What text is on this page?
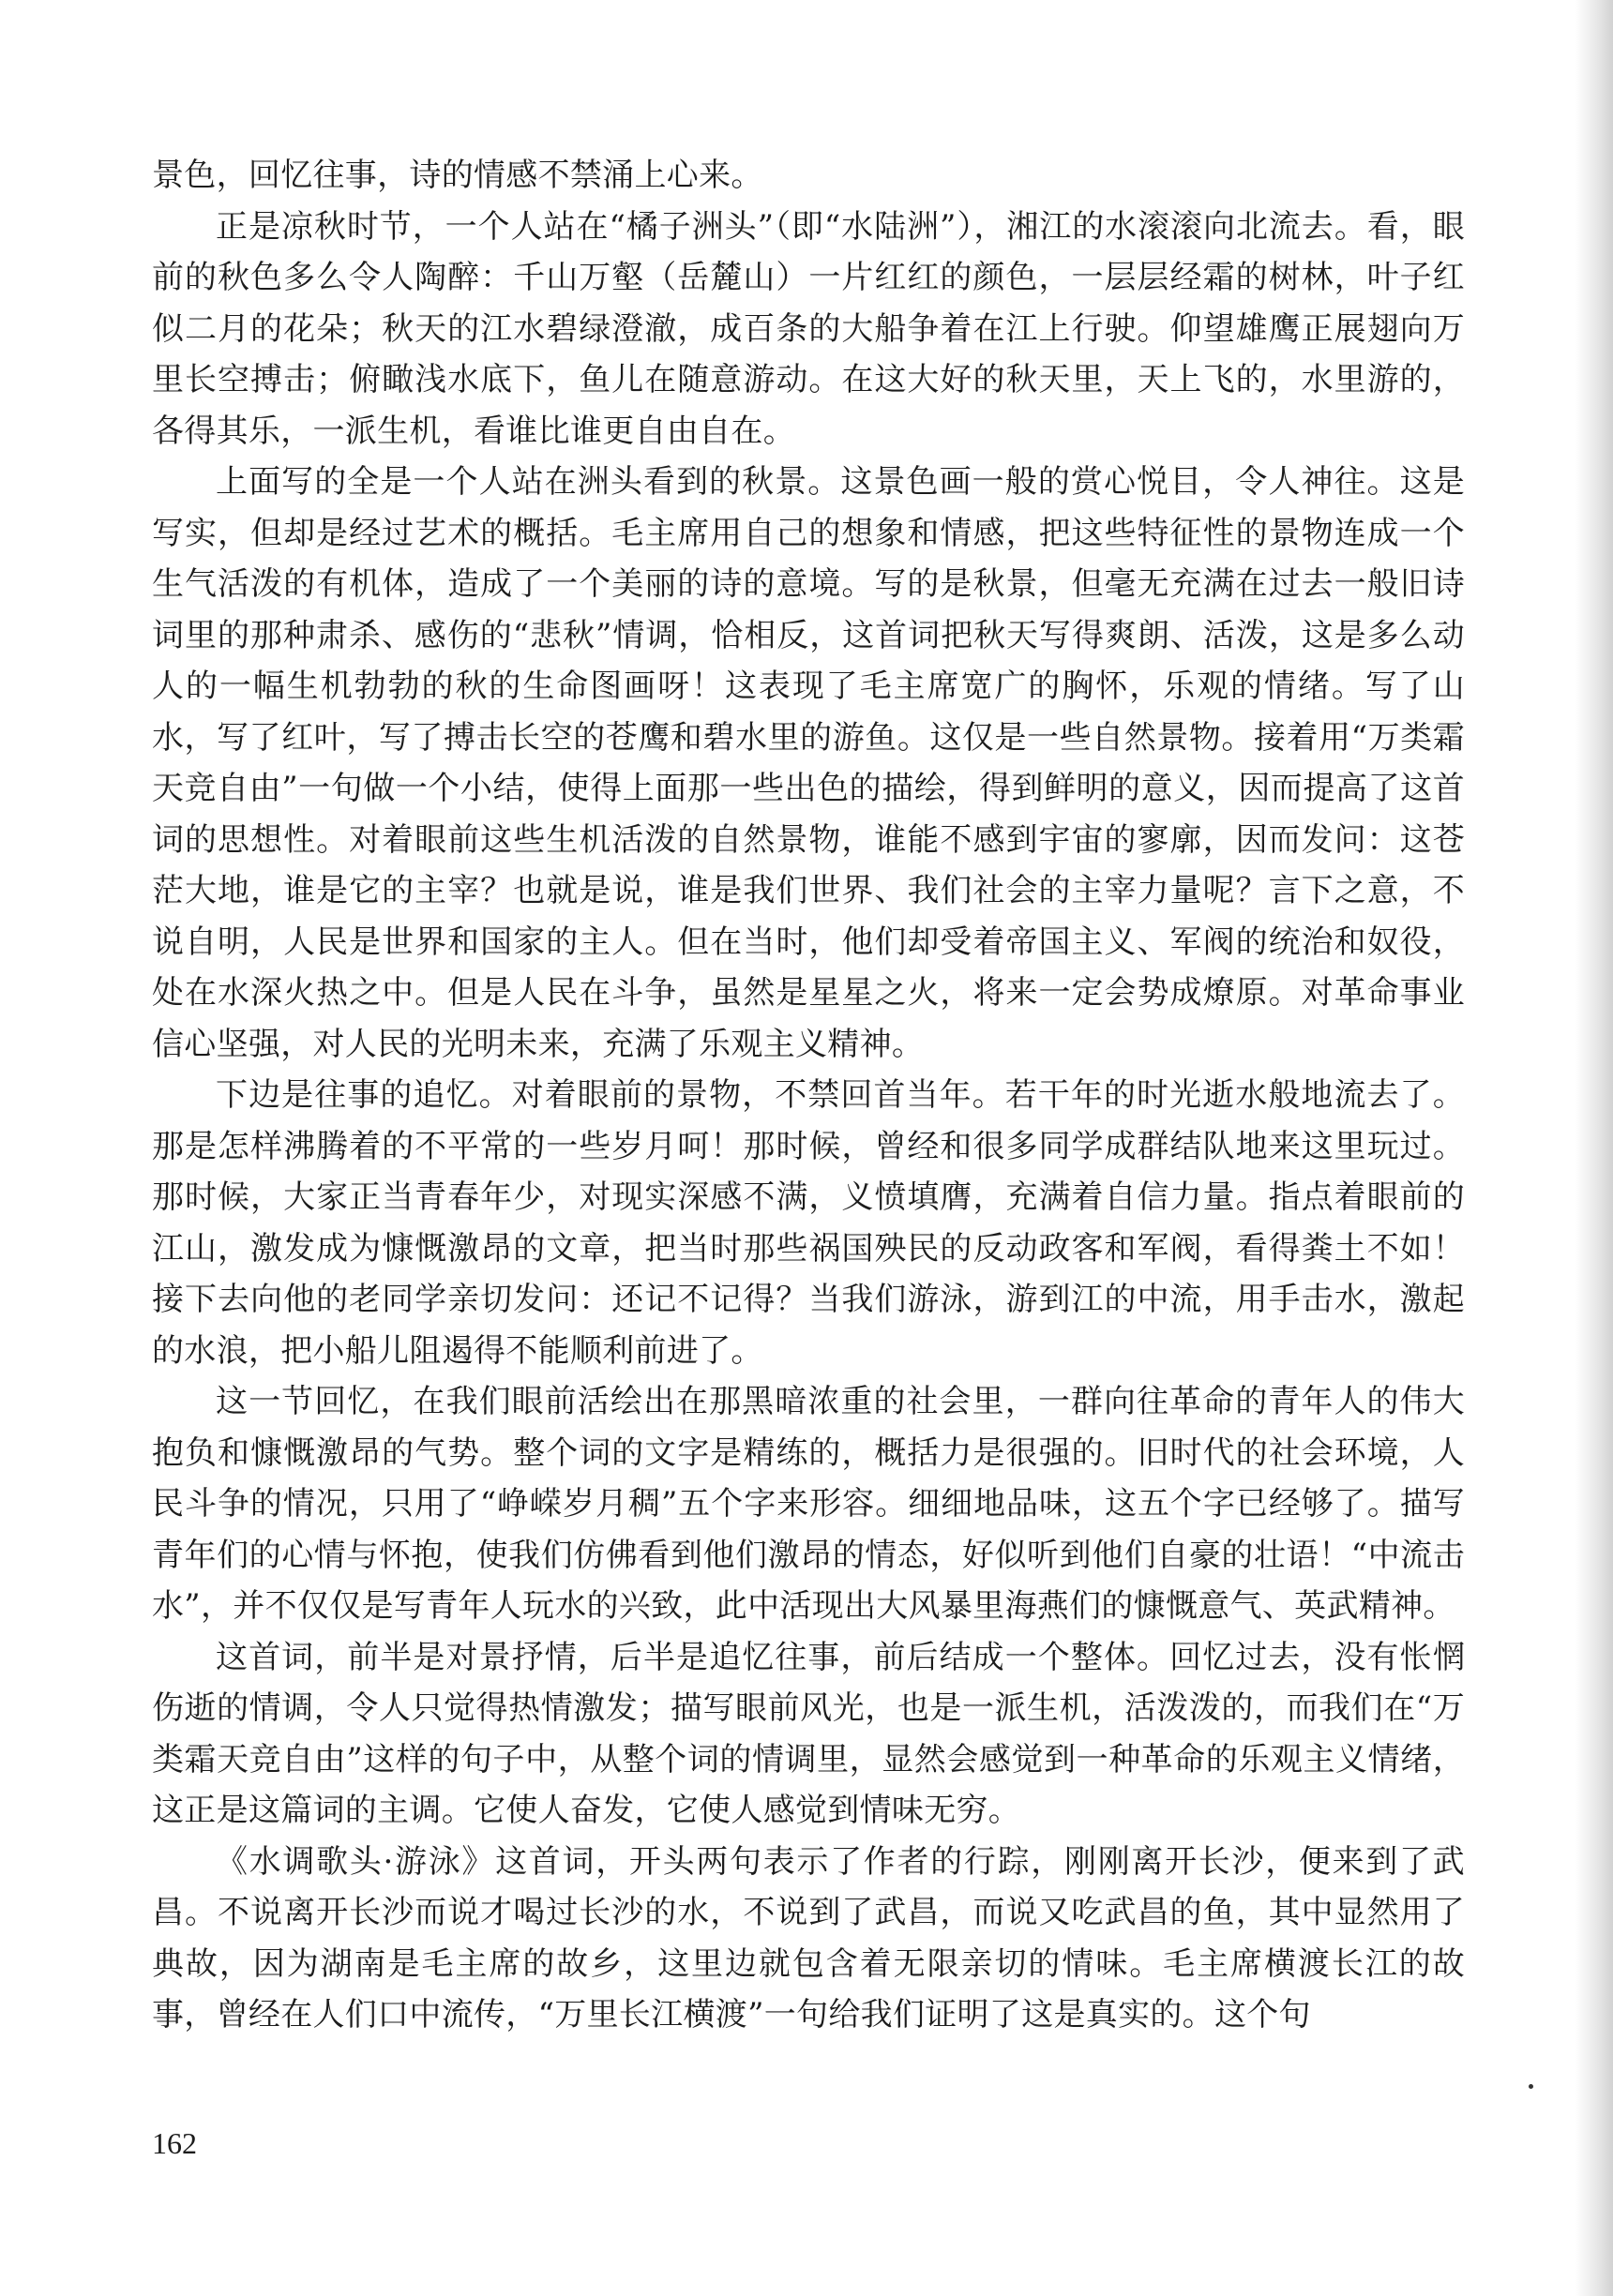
景色，回忆往事，诗的情感不禁涌上心来。

正是凉秋时节，一个人站在“橘子洲头”（即“水陆洲”），湘江的水滚滚向北流去。看，眼前的秋色多么令人陶醉：千山万壑（岳麓山）一片红红的颜色，一层层经霜的树林，叶子红似二月的花朵；秋天的江水碧绿澄澈，成百条的大船争着在江上行驶。仰望雄鹰正展翅向万里长空搏击；俯瞰浅水底下，鱼儿在随意游动。在这大好的秋天里，天上飞的，水里游的，各得其乐，一派生机，看谁比谁更自由自在。

上面写的全是一个人站在洲头看到的秋景。这景色画一般的赏心悦目，令人神往。这是写实，但却是经过艺术的概括。毛主席用自己的想象和情感，把这些特征性的景物连成一个生气活泼的有机体，造成了一个美丽的诗的意境。写的是秋景，但毫无充满在过去一般旧诗词里的那种肃杀、感伤的“悲秋”情调，恰相反，这首词把秋天写得爽朗、活泼，这是多么动人的一幅生机勃勃的秋的生命图画呀！这表现了毛主席宽广的胸怀，乐观的情绪。写了山水，写了红叶，写了搏击长空的苍鹰和碧水里的游鱼。这仅是一些自然景物。接着用“万类霜天竞自由”一句做一个小结，使得上面那一些出色的描绘，得到鲜明的意义，因而提高了这首词的思想性。对着眼前这些生机活泼的自然景物，谁能不感到宇宙的寥廓，因而发问：这苍茫大地，谁是它的主宰？也就是说，谁是我们世界、我们社会的主宰力量呢？言下之意，不说自明，人民是世界和国家的主人。但在当时，他们却受着帝国主义、军阀的统治和奴役，处在水深火热之中。但是人民在斗争，虽然是星星之火，将来一定会势成燎原。对革命事业信心坚强，对人民的光明未来，充满了乐观主义精神。

下边是往事的追忆。对着眼前的景物，不禁回首当年。若干年的时光逝水般地流去了。那是怎样沸腾着的不平常的一些岁月呵！那时候，曾经和很多同学成群结队地来这里玩过。那时候，大家正当青春年少，对现实深感不满，义愤填膺，充满着自信力量。指点着眼前的江山，激发成为慷慨激昂的文章，把当时那些祸国殃民的反动政客和军阀，看得粪土不如！接下去向他的老同学亲切发问：还记不记得？当我们游泳，游到江的中流，用手击水，激起的水浪，把小船儿阻遏得不能顺利前进了。

这一节回忆，在我们眼前活绘出在那黑暗浓重的社会里，一群向往革命的青年人的伟大抱负和慷慨激昂的气势。整个词的文字是精练的，概括力是很强的。旧时代的社会环境，人民斗争的情况，只用了“峥嵘岁月稠”五个字来形容。细细地品味，这五个字已经够了。描写青年们的心情与怀抱，使我们仿佛看到他们激昂的情态，好似听到他们自豪的壮语！“中流击水”，并不仅仅是写青年人玩水的兴致，此中活现出大风暴里海燕们的慷慨意气、英武精神。

这首词，前半是对景抒情，后半是追忆往事，前后结成一个整体。回忆过去，没有怅惘伤逝的情调，令人只觉得热情激发；描写眼前风光，也是一派生机，活泼泼的，而我们在“万类霜天竞自由”这样的句子中，从整个词的情调里，显然会感觉到一种革命的乐观主义情绪，这正是这篇词的主调。它使人奋发，它使人感觉到情味无穷。

《水调歌头·游泳》这首词，开头两句表示了作者的行踪，刚刚离开长沙，便来到了武昌。不说离开长沙而说才喝过长沙的水，不说到了武昌，而说又吃武昌的鱼，其中显然用了典故，因为湖南是毛主席的故乡，这里边就包含着无限亲切的情味。毛主席横渡长江的故事，曾经在人们口中流传，“万里长江横渡”一句给我们证明了这是真实的。这个句

162
